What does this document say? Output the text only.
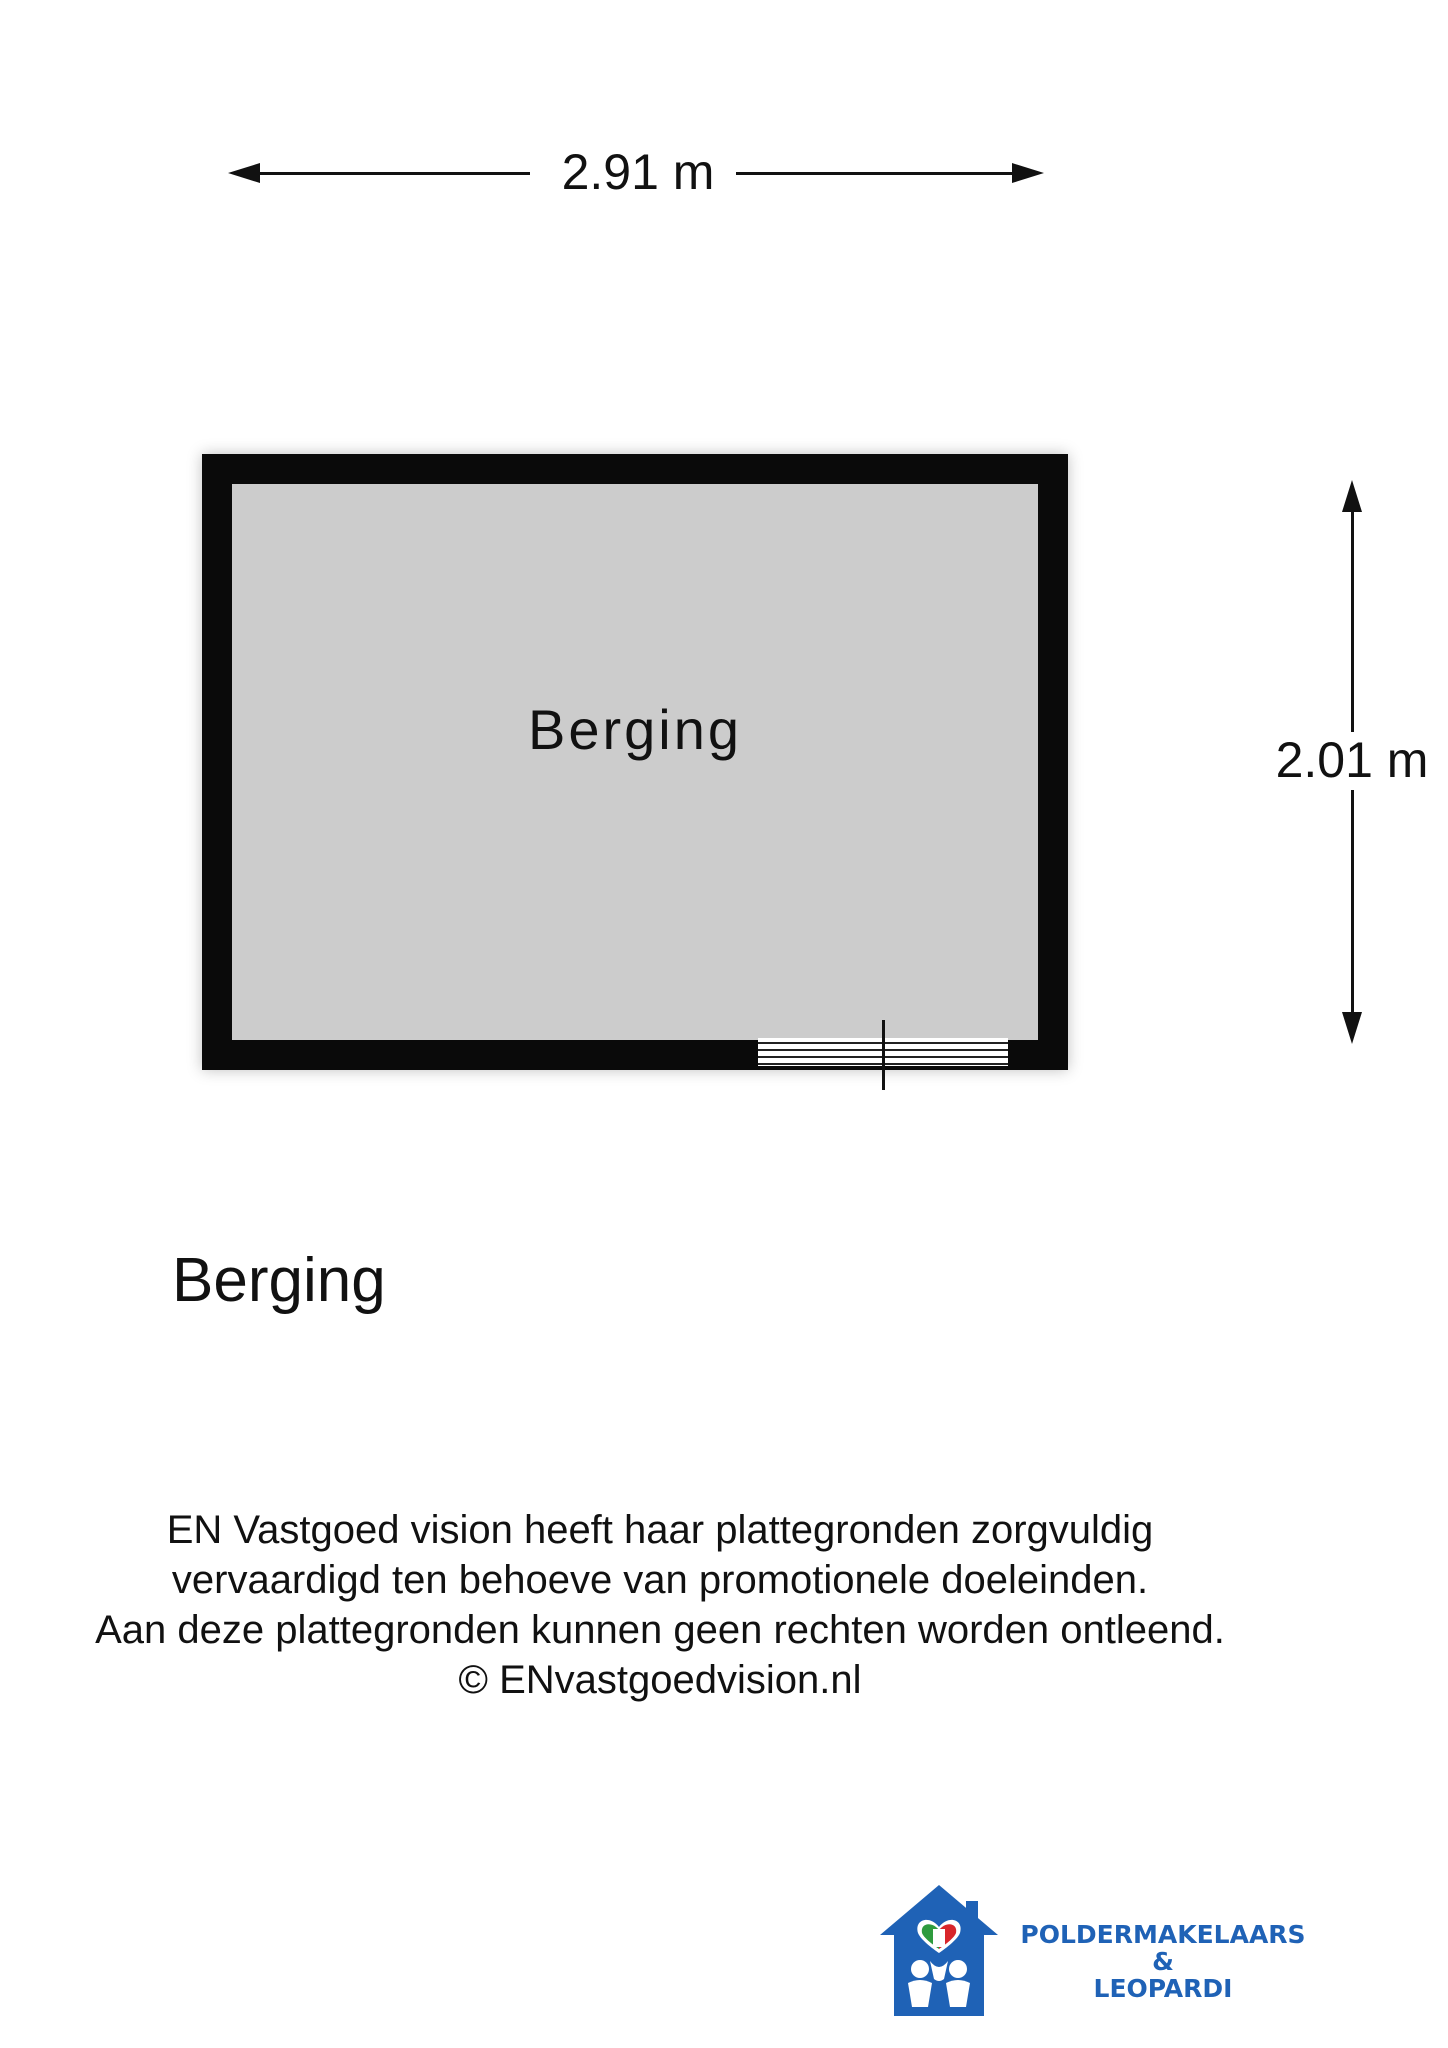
2.91 m
2.01 m
Berging
Berging
EN Vastgoed vision heeft haar plattegronden zorgvuldig
vervaardigd ten behoeve van promotionele doeleinden.
Aan deze plattegronden kunnen geen rechten worden ontleend.
© ENvastgoedvision.nl
POLDERMAKELAARS
&
LEOPARDI
